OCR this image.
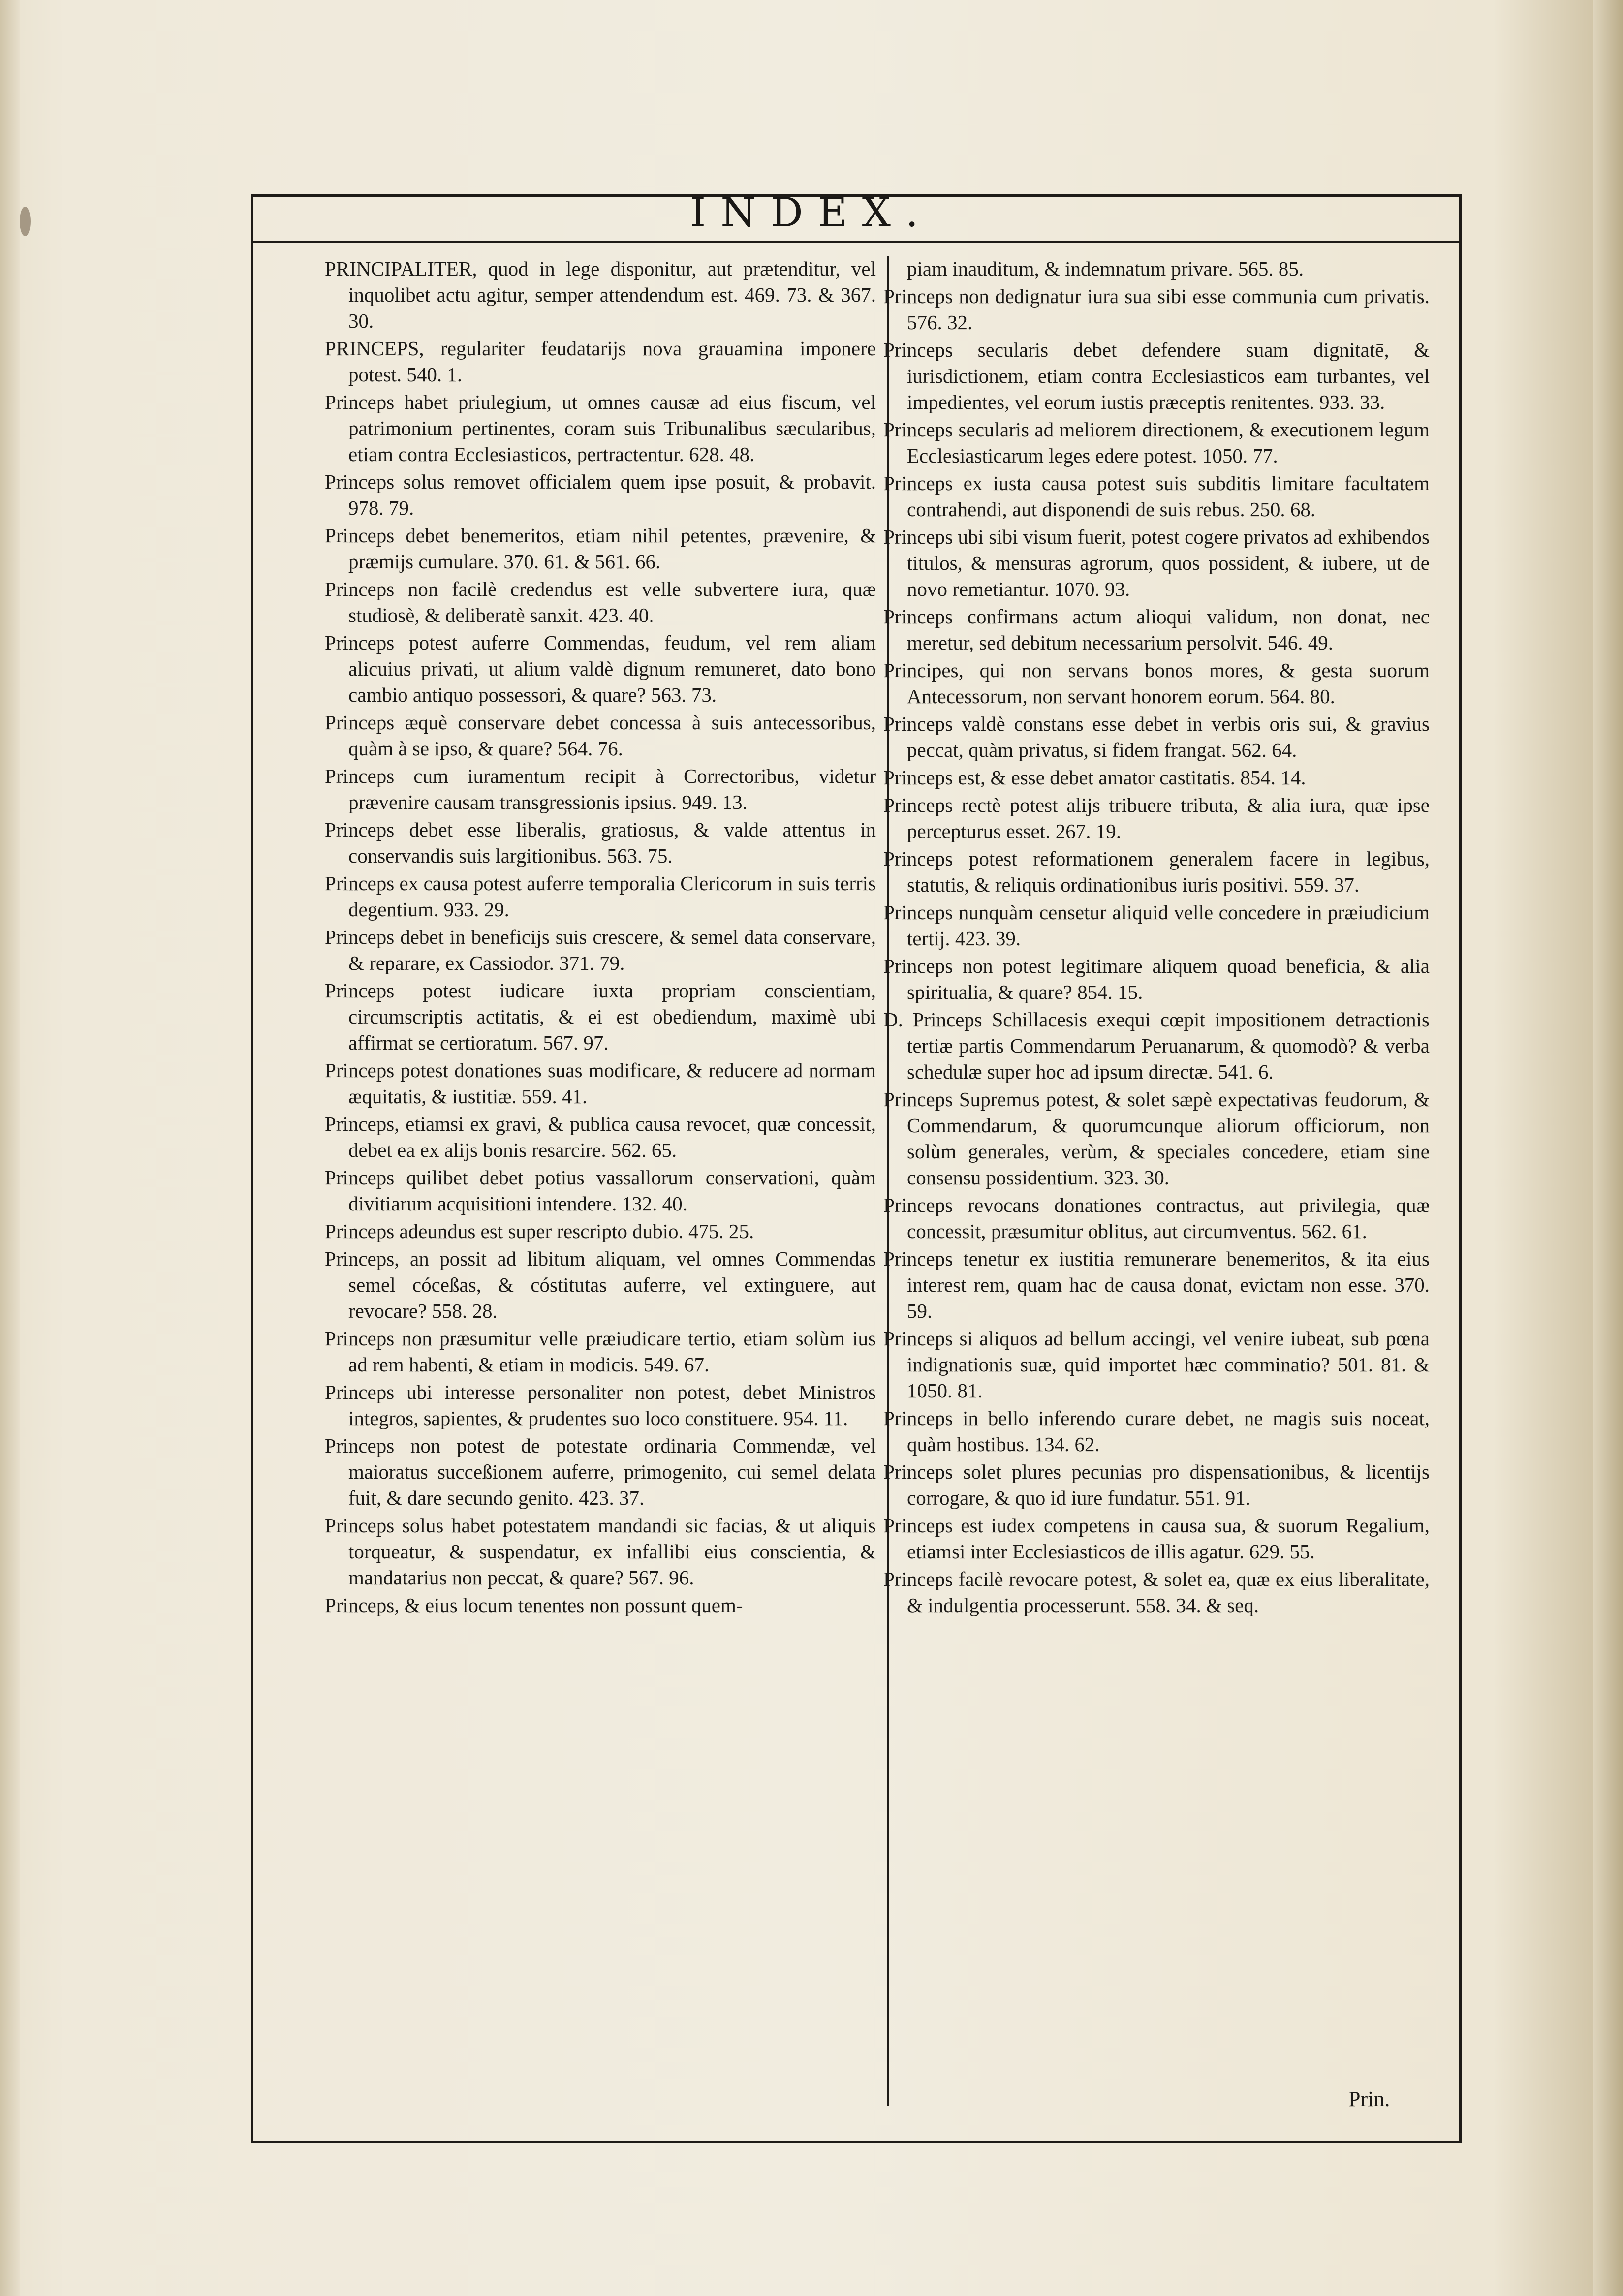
INDEX.

PRINCIPALITER, quod in lege disponitur, aut prætenditur, vel inquolibet actu agitur, semper attendendum est. 469. 73. & 367. 30.

PRINCEPS, regulariter feudatarijs nova grauamina imponere potest. 540. 1.

Princeps habet priulegium, ut omnes causæ ad eius fiscum, vel patrimonium pertinentes, coram suis Tribunalibus sæcularibus, etiam contra Ecclesiasticos, pertractentur. 628. 48.

Princeps solus removet officialem quem ipse posuit, & probavit. 978. 79.

Princeps debet benemeritos, etiam nihil petentes, prævenire, & præmijs cumulare. 370. 61. & 561. 66.

Princeps non facilè credendus est velle subvertere iura, quæ studiosè, & deliberatè sanxit. 423. 40.

Princeps potest auferre Commendas, feudum, vel rem aliam alicuius privati, ut alium valdè dignum remuneret, dato bono cambio antiquo possessori, & quare? 563. 73.

Princeps æquè conservare debet concessa à suis antecessoribus, quàm à se ipso, & quare? 564. 76.

Princeps cum iuramentum recipit à Correctoribus, videtur prævenire causam transgressionis ipsius. 949. 13.

Princeps debet esse liberalis, gratiosus, & valde attentus in conservandis suis largitionibus. 563. 75.

Princeps ex causa potest auferre temporalia Clericorum in suis terris degentium. 933. 29.

Princeps debet in beneficijs suis crescere, & semel data conservare, & reparare, ex Cassiodor. 371. 79.

Princeps potest iudicare iuxta propriam conscientiam, circumscriptis actitatis, & ei est obediendum, maximè ubi affirmat se certioratum. 567. 97.

Princeps potest donationes suas modificare, & reducere ad normam æquitatis, & iustitiæ. 559. 41.

Princeps, etiamsi ex gravi, & publica causa revocet, quæ concessit, debet ea ex alijs bonis resarcire. 562. 65.

Princeps quilibet debet potius vassallorum conservationi, quàm divitiarum acquisitioni intendere. 132. 40.

Princeps adeundus est super rescripto dubio. 475. 25.

Princeps, an possit ad libitum aliquam, vel omnes Commendas semel cóceßas, & cóstitutas auferre, vel extinguere, aut revocare? 558. 28.

Princeps non præsumitur velle præiudicare tertio, etiam solùm ius ad rem habenti, & etiam in modicis. 549. 67.

Princeps ubi interesse personaliter non potest, debet Ministros integros, sapientes, & prudentes suo loco constituere. 954. 11.

Princeps non potest de potestate ordinaria Commendæ, vel maioratus succeßionem auferre, primogenito, cui semel delata fuit, & dare secundo genito. 423. 37.

Princeps solus habet potestatem mandandi sic facias, & ut aliquis torqueatur, & suspendatur, ex infallibi eius conscientia, & mandatarius non peccat, & quare? 567. 96.

Princeps, & eius locum tenentes non possunt quem-

piam inauditum, & indemnatum privare. 565. 85.

Princeps non dedignatur iura sua sibi esse communia cum privatis. 576. 32.

Princeps secularis debet defendere suam dignitatē, & iurisdictionem, etiam contra Ecclesiasticos eam turbantes, vel impedientes, vel eorum iustis præceptis renitentes. 933. 33.

Princeps secularis ad meliorem directionem, & executionem legum Ecclesiasticarum leges edere potest. 1050. 77.

Princeps ex iusta causa potest suis subditis limitare facultatem contrahendi, aut disponendi de suis rebus. 250. 68.

Princeps ubi sibi visum fuerit, potest cogere privatos ad exhibendos titulos, & mensuras agrorum, quos possident, & iubere, ut de novo remetiantur. 1070. 93.

Princeps confirmans actum alioqui validum, non donat, nec meretur, sed debitum necessarium persolvit. 546. 49.

Principes, qui non servans bonos mores, & gesta suorum Antecessorum, non servant honorem eorum. 564. 80.

Princeps valdè constans esse debet in verbis oris sui, & gravius peccat, quàm privatus, si fidem frangat. 562. 64.

Princeps est, & esse debet amator castitatis. 854. 14.

Princeps rectè potest alijs tribuere tributa, & alia iura, quæ ipse percepturus esset. 267. 19.

Princeps potest reformationem generalem facere in legibus, statutis, & reliquis ordinationibus iuris positivi. 559. 37.

Princeps nunquàm censetur aliquid velle concedere in præiudicium tertij. 423. 39.

Princeps non potest legitimare aliquem quoad beneficia, & alia spiritualia, & quare? 854. 15.

D. Princeps Schillacesis exequi cœpit impositionem detractionis tertiæ partis Commendarum Peruanarum, & quomodò? & verba schedulæ super hoc ad ipsum directæ. 541. 6.

Princeps Supremus potest, & solet sæpè expectativas feudorum, & Commendarum, & quorumcunque aliorum officiorum, non solùm generales, verùm, & speciales concedere, etiam sine consensu possidentium. 323. 30.

Princeps revocans donationes contractus, aut privilegia, quæ concessit, præsumitur oblitus, aut circumventus. 562. 61.

Princeps tenetur ex iustitia remunerare benemeritos, & ita eius interest rem, quam hac de causa donat, evictam non esse. 370. 59.

Princeps si aliquos ad bellum accingi, vel venire iubeat, sub pœna indignationis suæ, quid importet hæc comminatio? 501. 81. & 1050. 81.

Princeps in bello inferendo curare debet, ne magis suis noceat, quàm hostibus. 134. 62.

Princeps solet plures pecunias pro dispensationibus, & licentijs corrogare, & quo id iure fundatur. 551. 91.

Princeps est iudex competens in causa sua, & suorum Regalium, etiamsi inter Ecclesiasticos de illis agatur. 629. 55.

Princeps facilè revocare potest, & solet ea, quæ ex eius liberalitate, & indulgentia processerunt. 558. 34. & seq.

Prin.
